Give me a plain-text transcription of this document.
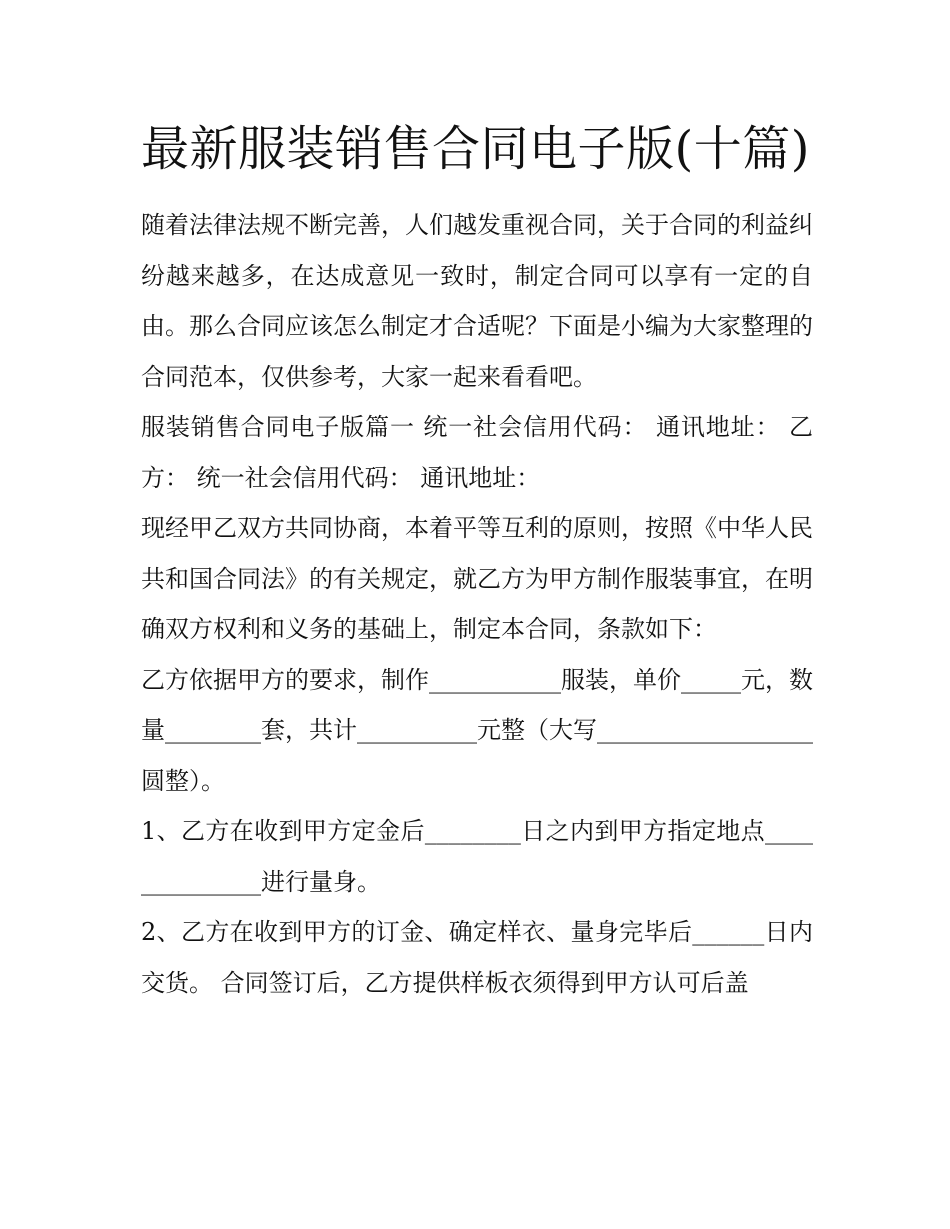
最新服装销售合同电子版(十篇)

随着法律法规不断完善，人们越发重视合同，关于合同的利益纠纷越来越多，在达成意见一致时，制定合同可以享有一定的自由。那么合同应该怎么制定才合适呢？下面是小编为大家整理的合同范本，仅供参考，大家一起来看看吧。

服装销售合同电子版篇一 统一社会信用代码： 通讯地址： 乙方： 统一社会信用代码： 通讯地址：

现经甲乙双方共同协商，本着平等互利的原则，按照《中华人民共和国合同法》的有关规定，就乙方为甲方制作服装事宜，在明确双方权利和义务的基础上，制定本合同，条款如下：

乙方依据甲方的要求，制作___________服装，单价_____元，数量________套，共计__________元整（大写__________________圆整）。

1、乙方在收到甲方定金后________日之内到甲方指定地点______________进行量身。

2、乙方在收到甲方的订金、确定样衣、量身完毕后______日内交货。 合同签订后，乙方提供样板衣须得到甲方认可后盖
